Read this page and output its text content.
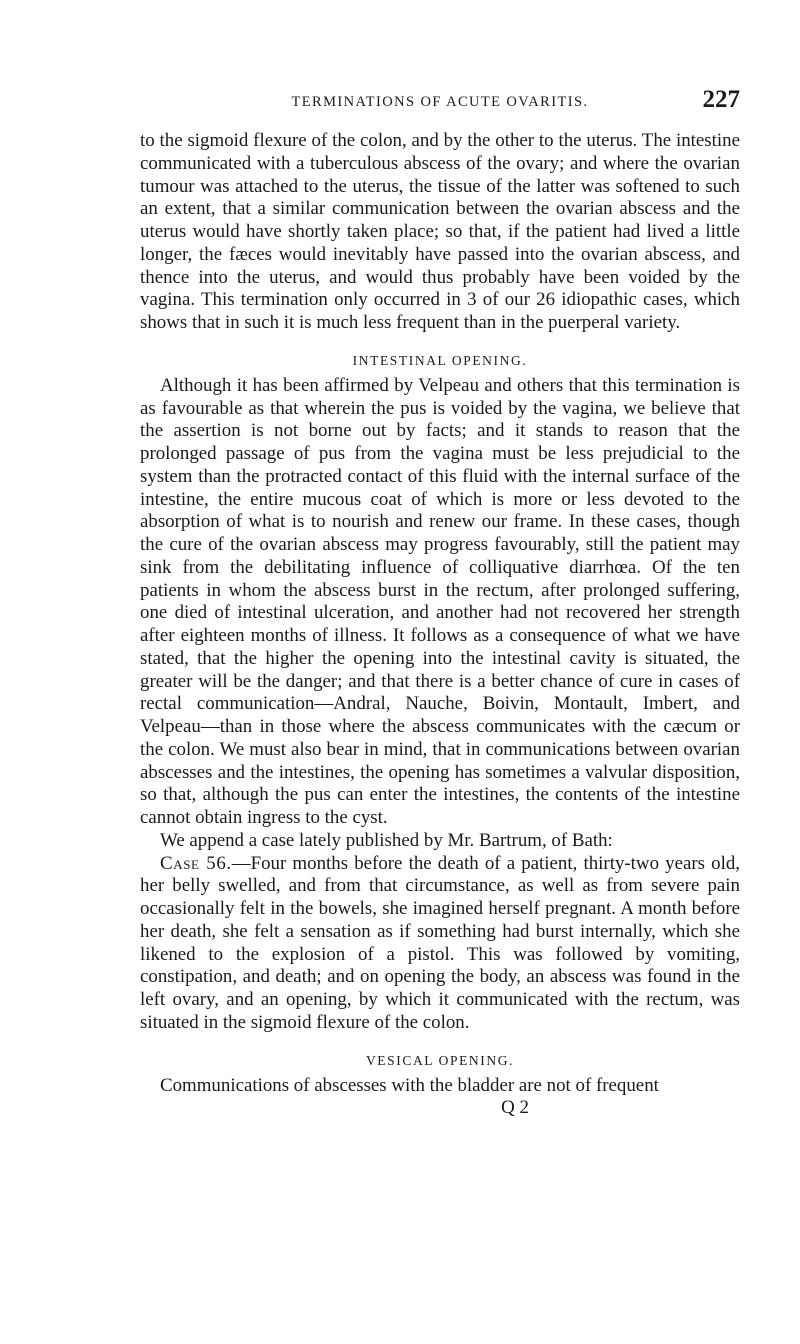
TERMINATIONS OF ACUTE OVARITIS.	227

to the sigmoid flexure of the colon, and by the other to the uterus. The intestine communicated with a tuberculous abscess of the ovary; and where the ovarian tumour was attached to the uterus, the tissue of the latter was softened to such an extent, that a similar communication between the ovarian abscess and the uterus would have shortly taken place; so that, if the patient had lived a little longer, the fæces would inevitably have passed into the ovarian abscess, and thence into the uterus, and would thus probably have been voided by the vagina. This termination only occurred in 3 of our 26 idiopathic cases, which shows that in such it is much less frequent than in the puerperal variety.

INTESTINAL OPENING.

Although it has been affirmed by Velpeau and others that this termination is as favourable as that wherein the pus is voided by the vagina, we believe that the assertion is not borne out by facts; and it stands to reason that the prolonged passage of pus from the vagina must be less prejudicial to the system than the protracted contact of this fluid with the internal surface of the intestine, the entire mucous coat of which is more or less devoted to the absorption of what is to nourish and renew our frame. In these cases, though the cure of the ovarian abscess may progress favourably, still the patient may sink from the debilitating influence of colliquative diarrhœa. Of the ten patients in whom the abscess burst in the rectum, after prolonged suffering, one died of intestinal ulceration, and another had not recovered her strength after eighteen months of illness. It follows as a consequence of what we have stated, that the higher the opening into the intestinal cavity is situated, the greater will be the danger; and that there is a better chance of cure in cases of rectal communication—Andral, Nauche, Boivin, Montault, Imbert, and Velpeau—than in those where the abscess communicates with the cæcum or the colon. We must also bear in mind, that in communications between ovarian abscesses and the intestines, the opening has sometimes a valvular disposition, so that, although the pus can enter the intestines, the contents of the intestine cannot obtain ingress to the cyst.

We append a case lately published by Mr. Bartrum, of Bath:

Case 56.—Four months before the death of a patient, thirty-two years old, her belly swelled, and from that circumstance, as well as from severe pain occasionally felt in the bowels, she imagined herself pregnant. A month before her death, she felt a sensation as if something had burst internally, which she likened to the explosion of a pistol. This was followed by vomiting, constipation, and death; and on opening the body, an abscess was found in the left ovary, and an opening, by which it communicated with the rectum, was situated in the sigmoid flexure of the colon.

VESICAL OPENING.

Communications of abscesses with the bladder are not of frequent

Q 2
